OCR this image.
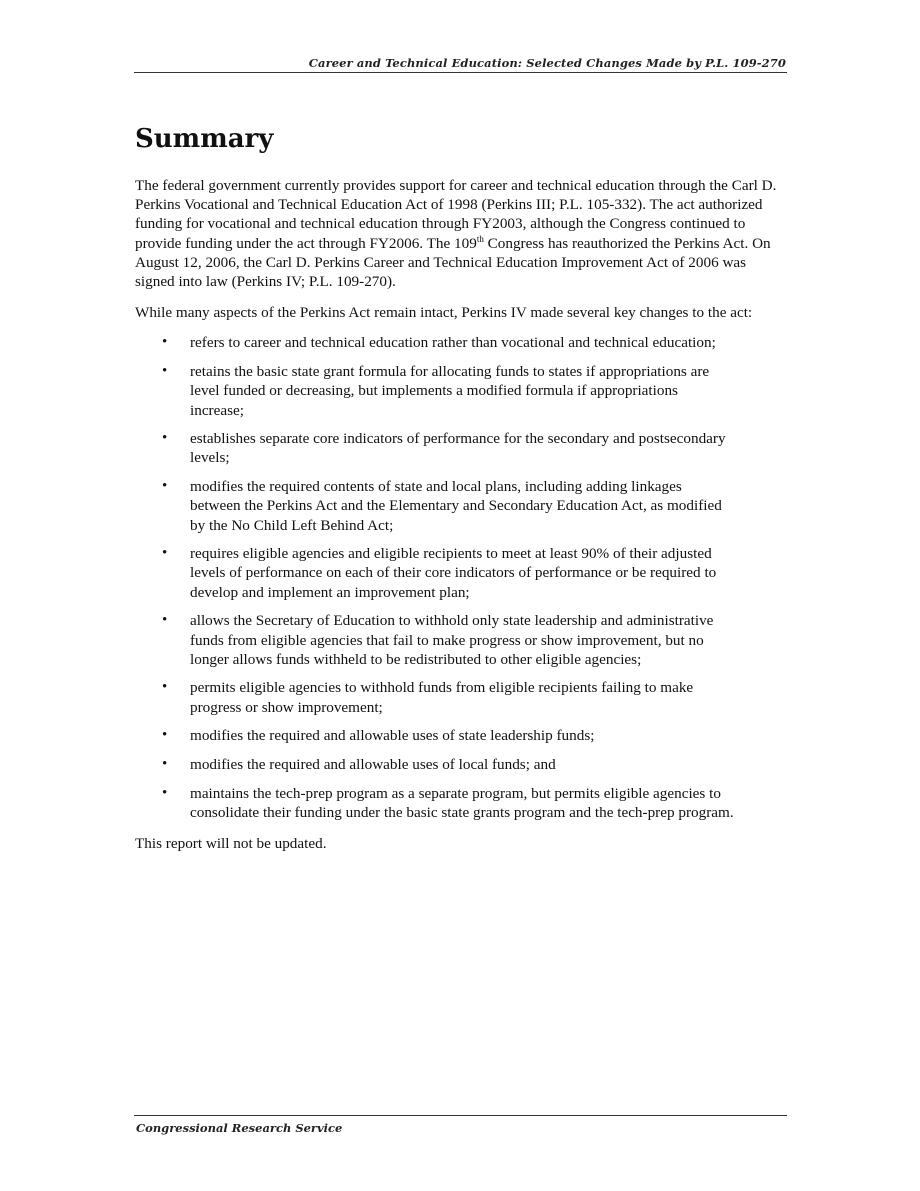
Career and Technical Education: Selected Changes Made by P.L. 109-270
Summary

The federal government currently provides support for career and technical education through the Carl D. Perkins Vocational and Technical Education Act of 1998 (Perkins III; P.L. 105-332). The act authorized funding for vocational and technical education through FY2003, although the Congress continued to provide funding under the act through FY2006. The 109th Congress has reauthorized the Perkins Act. On August 12, 2006, the Carl D. Perkins Career and Technical Education Improvement Act of 2006 was signed into law (Perkins IV; P.L. 109-270).

While many aspects of the Perkins Act remain intact, Perkins IV made several key changes to the act:

• refers to career and technical education rather than vocational and technical education;
• retains the basic state grant formula for allocating funds to states if appropriations are level funded or decreasing, but implements a modified formula if appropriations increase;
• establishes separate core indicators of performance for the secondary and postsecondary levels;
• modifies the required contents of state and local plans, including adding linkages between the Perkins Act and the Elementary and Secondary Education Act, as modified by the No Child Left Behind Act;
• requires eligible agencies and eligible recipients to meet at least 90% of their adjusted levels of performance on each of their core indicators of performance or be required to develop and implement an improvement plan;
• allows the Secretary of Education to withhold only state leadership and administrative funds from eligible agencies that fail to make progress or show improvement, but no longer allows funds withheld to be redistributed to other eligible agencies;
• permits eligible agencies to withhold funds from eligible recipients failing to make progress or show improvement;
• modifies the required and allowable uses of state leadership funds;
• modifies the required and allowable uses of local funds; and
• maintains the tech-prep program as a separate program, but permits eligible agencies to consolidate their funding under the basic state grants program and the tech-prep program.

This report will not be updated.

Congressional Research Service
